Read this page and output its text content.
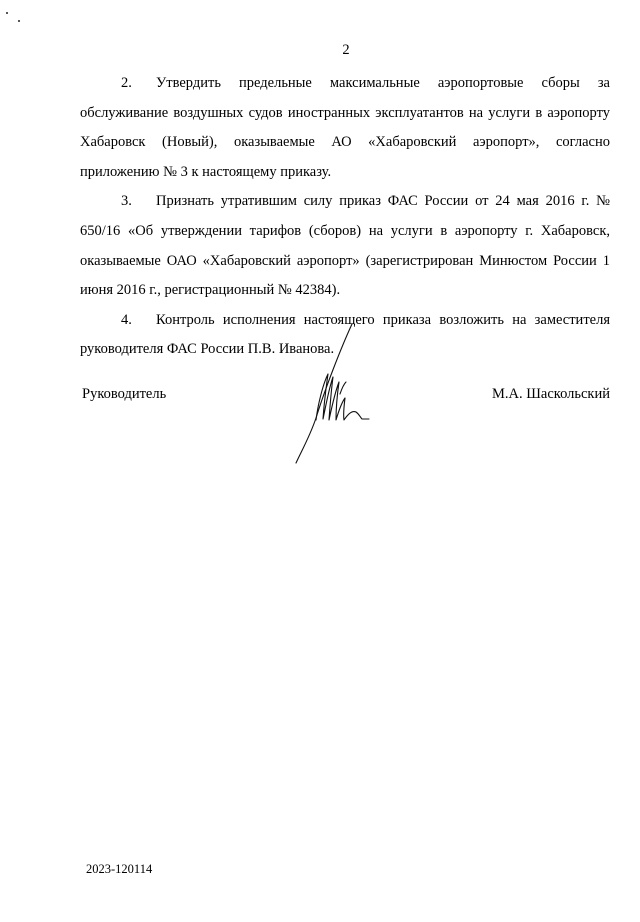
2

2. Утвердить предельные максимальные аэропортовые сборы за обслуживание воздушных судов иностранных эксплуатантов на услуги в аэропорту Хабаровск (Новый), оказываемые АО «Хабаровский аэропорт», согласно приложению № 3 к настоящему приказу.

3. Признать утратившим силу приказ ФАС России от 24 мая 2016 г. № 650/16 «Об утверждении тарифов (сборов) на услуги в аэропорту г. Хабаровск, оказываемые ОАО «Хабаровский аэропорт» (зарегистрирован Минюстом России 1 июня 2016 г., регистрационный № 42384).

4. Контроль исполнения настоящего приказа возложить на заместителя руководителя ФАС России П.В. Иванова.

Руководитель	М.А. Шаскольский
2023-120114
